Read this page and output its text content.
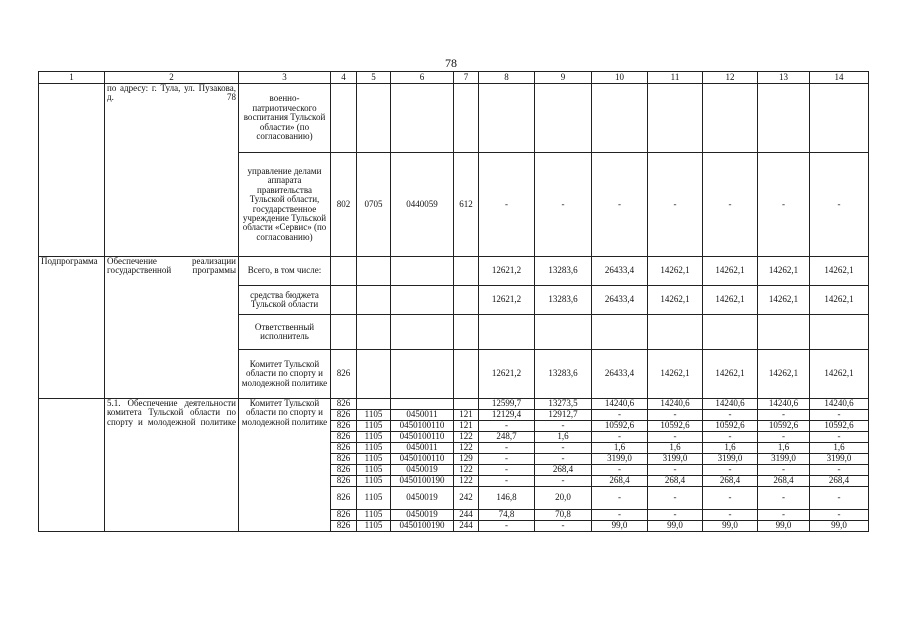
78
1	2	3	4	5	6	7	8	9	10	11	12	13	14
	по адресу: г. Тула, ул. Пузакова, д. 78	военно-патриотического воспитания Тульской области» (по согласованию)											
		управление делами аппарата правительства Тульской области, государственное учреждение Тульской области «Сервис» (по согласованию)	802	0705	0440059	612	-	-	-	-	-	-	-
Подпрограмма	Обеспечение реализации государственной программы	Всего, в том числе:					12621,2	13283,6	26433,4	14262,1	14262,1	14262,1	14262,1
		средства бюджета Тульской области					12621,2	13283,6	26433,4	14262,1	14262,1	14262,1	14262,1
		Ответственный исполнитель											
		Комитет Тульской области по спорту и молодежной политике	826				12621,2	13283,6	26433,4	14262,1	14262,1	14262,1	14262,1
	5.1. Обеспечение деятельности комитета Тульской области по спорту и молодежной политике	Комитет Тульской области по спорту и молодежной политике	826				12599,7	13273,5	14240,6	14240,6	14240,6	14240,6	14240,6
			826	1105	0450011	121	12129,4	12912,7	-	-	-	-	-
			826	1105	0450100110	121	-	-	10592,6	10592,6	10592,6	10592,6	10592,6
			826	1105	0450100110	122	248,7	1,6	-	-	-	-	-
			826	1105	0450011	122	-	-	1,6	1,6	1,6	1,6	1,6
			826	1105	0450100110	129	-	-	3199,0	3199,0	3199,0	3199,0	3199,0
			826	1105	0450019	122	-	268,4	-	-	-	-	-
			826	1105	0450100190	122	-	-	268,4	268,4	268,4	268,4	268,4
			826	1105	0450019	242	146,8	20,0	-	-	-	-	-
			826	1105	0450019	244	74,8	70,8	-	-	-	-	-
			826	1105	0450100190	244	-	-	99,0	99,0	99,0	99,0	99,0
